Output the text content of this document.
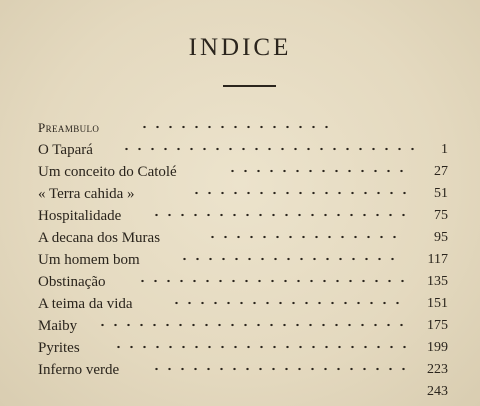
INDICE
Preambulo
O Tapará	1
Um conceito do Catolé	27
« Terra cahida »	51
Hospitalidade	75
A decana dos Muras	95
Um homem bom	117
Obstinação	135
A teima da vida	151
Maiby	175
Pyrites	199
Inferno verde	223
243
